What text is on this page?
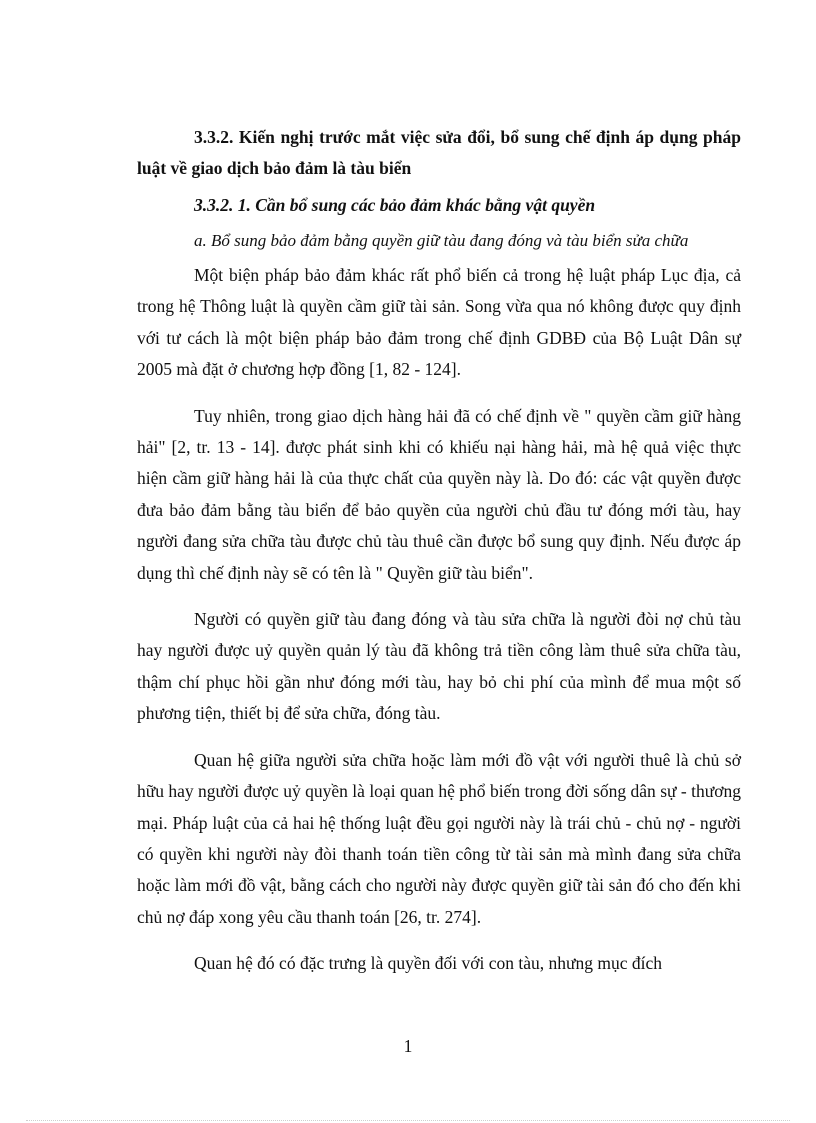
3.3.2. Kiến nghị trước mắt việc sửa đổi, bổ sung chế định áp dụng pháp luật về giao dịch bảo đảm là tàu biển
3.3.2. 1. Cần bổ sung các bảo đảm khác bằng vật quyền
a. Bổ sung bảo đảm bằng quyền giữ tàu đang đóng và tàu biển sửa chữa

Một biện pháp bảo đảm khác rất phổ biến cả trong hệ luật pháp Lục địa, cả trong hệ Thông luật là quyền cầm giữ tài sản. Song vừa qua nó không được quy định với tư cách là một biện pháp bảo đảm trong chế định GDBĐ của Bộ Luật Dân sự 2005 mà đặt ở chương hợp đồng [1, 82 - 124].

Tuy nhiên, trong giao dịch hàng hải đã có chế định về " quyền cầm giữ hàng hải" [2, tr. 13 - 14]. được phát sinh khi có khiếu nại hàng hải, mà hệ quả việc thực hiện cầm giữ hàng hải là của thực chất của quyền này là. Do đó: các vật quyền được đưa bảo đảm bằng tàu biển để bảo quyền của người chủ đầu tư đóng mới tàu, hay người đang sửa chữa tàu được chủ tàu thuê cần được bổ sung quy định. Nếu được áp dụng thì chế định này sẽ có tên là " Quyền giữ tàu biển".

Người có quyền giữ tàu đang đóng và tàu sửa chữa là người đòi nợ chủ tàu hay người được uỷ quyền quản lý tàu đã không trả tiền công làm thuê sửa chữa tàu, thậm chí phục hồi gần như đóng mới tàu, hay bỏ chi phí của mình để mua một số phương tiện, thiết bị để sửa chữa, đóng tàu.

Quan hệ giữa người sửa chữa hoặc làm mới đồ vật với người thuê là chủ sở hữu hay người được uỷ quyền là loại quan hệ phổ biến trong đời sống dân sự - thương mại. Pháp luật của cả hai hệ thống luật đều gọi người này là trái chủ - chủ nợ - người có quyền khi người này đòi thanh toán tiền công từ tài sản mà mình đang sửa chữa hoặc làm mới đồ vật, bằng cách cho người này được quyền giữ tài sản đó cho đến khi chủ nợ đáp xong yêu cầu thanh toán [26, tr. 274].

Quan hệ đó có đặc trưng là quyền đối với con tàu, nhưng mục đích

1
